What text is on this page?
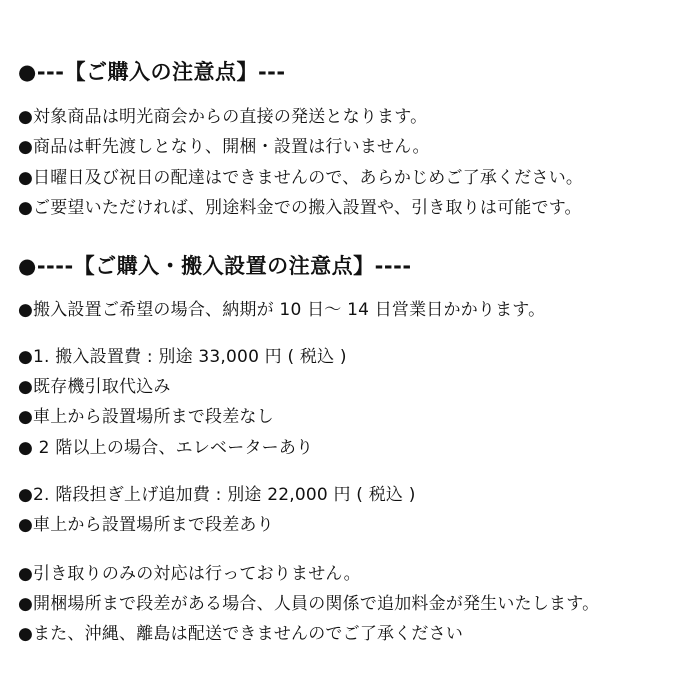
●---【ご購入の注意点】---
●対象商品は明光商会からの直接の発送となります。
●商品は軒先渡しとなり、開梱・設置は行いません。
●日曜日及び祝日の配達はできませんので、あらかじめご了承ください。
●ご要望いただければ、別途料金での搬入設置や、引き取りは可能です。
●----【ご購入・搬入設置の注意点】----
●搬入設置ご希望の場合、納期が 10 日〜 14 日営業日かかります。
●1. 搬入設置費 : 別途 33,000 円 ( 税込 )
●既存機引取代込み
●車上から設置場所まで段差なし
● 2 階以上の場合、エレベーターあり
●2. 階段担ぎ上げ追加費 : 別途 22,000 円 ( 税込 )
●車上から設置場所まで段差あり
●引き取りのみの対応は行っておりません。
●開梱場所まで段差がある場合、人員の関係で追加料金が発生いたします。
●また、沖縄、離島は配送できませんのでご了承ください
